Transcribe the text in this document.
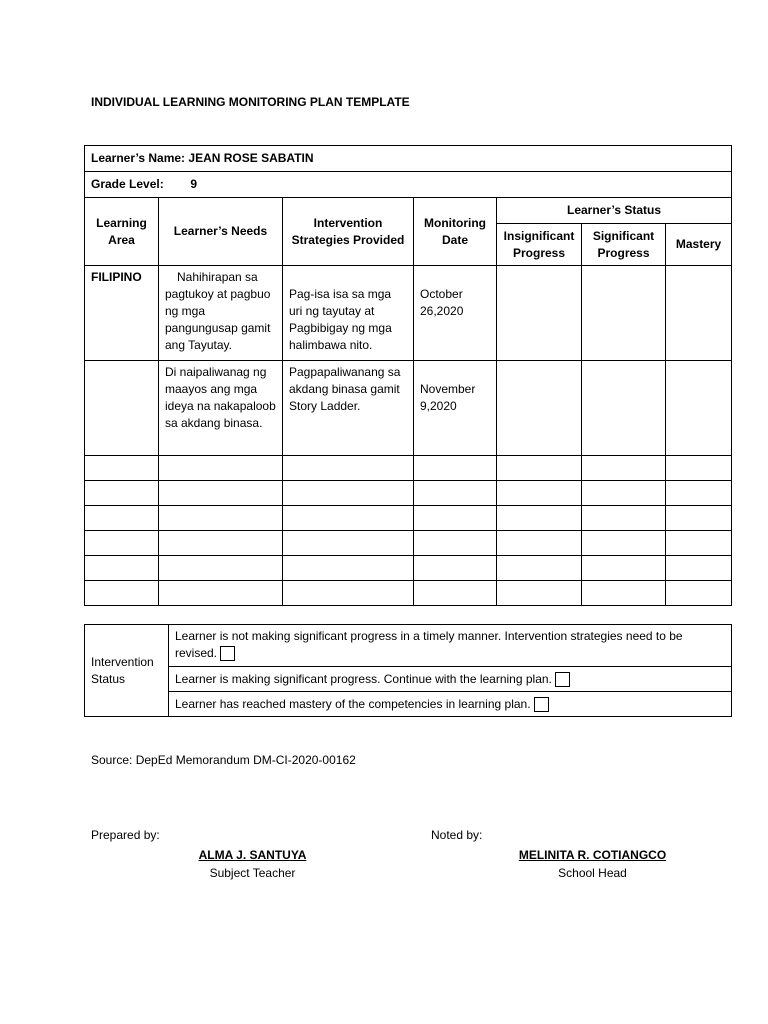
INDIVIDUAL LEARNING MONITORING PLAN TEMPLATE
Learner’s Name: JEAN ROSE SABATIN						
Grade Level: 9						
Learning Area	Learner’s Needs	Intervention Strategies Provided	Monitoring Date	Learner’s Status		
				Insignificant Progress	Significant Progress	Mastery
FILIPINO	Nahihirapan sa pagtukoy at pagbuo ng mga pangungusap gamit ang Tayutay.	Pag-isa isa sa mga uri ng tayutay at Pagbibigay ng mga halimbawa nito.	October 26,2020			
	Di naipaliwanag ng maayos ang mga ideya na nakapaloob sa akdang binasa.	Pagpapaliwanang sa akdang binasa gamit Story Ladder.	November 9,2020			

Intervention Status	Learner is not making significant progress in a timely manner. Intervention strategies need to be revised.
Learner is making significant progress. Continue with the learning plan.
Learner has reached mastery of the competencies in learning plan.
Source: DepEd Memorandum DM-CI-2020-00162
Prepared by:	Noted by:
ALMA J. SANTUYA
Subject Teacher
MELINITA R. COTIANGCO
School Head
